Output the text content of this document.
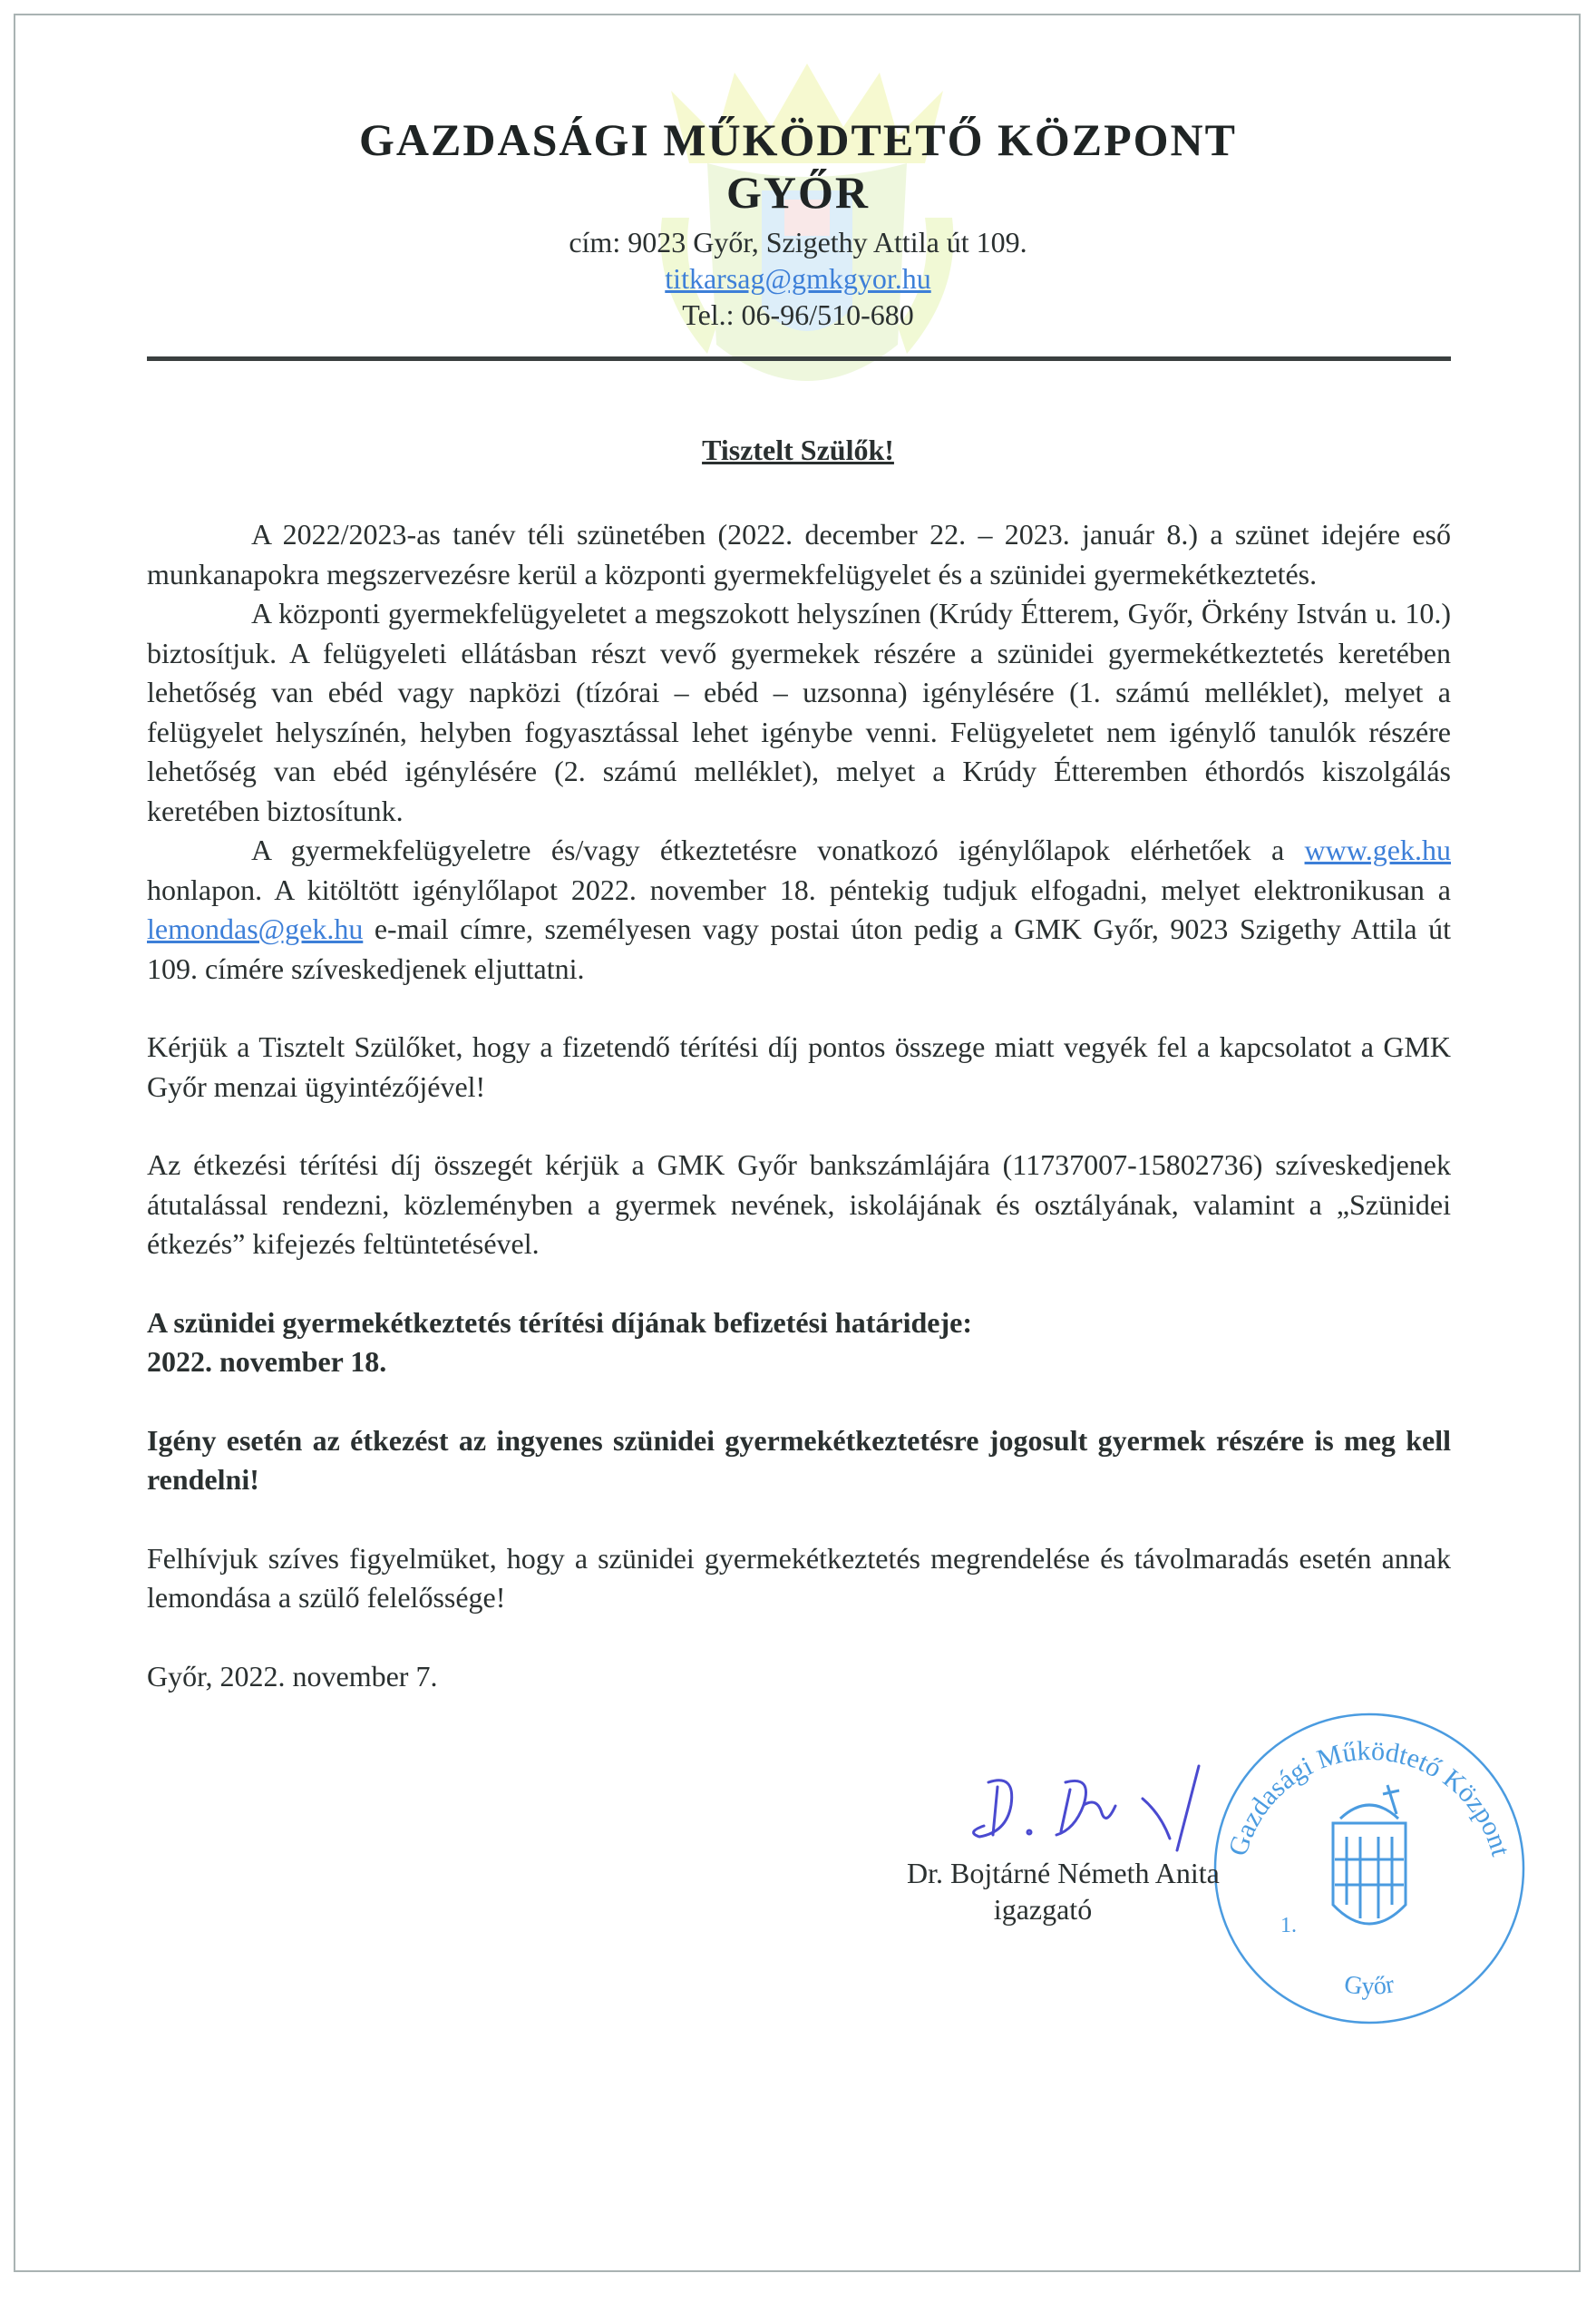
GAZDASÁGI MŰKÖDTETŐ KÖZPONT
GYŐR
cím: 9023 Győr, Szigethy Attila út 109.
titkarsag@gmkgyor.hu
Tel.: 06-96/510-680
Tisztelt Szülők!

A 2022/2023-as tanév téli szünetében (2022. december 22. – 2023. január 8.) a szünet idejére eső munkanapokra megszervezésre kerül a központi gyermekfelügyelet és a szünidei gyermekétkeztetés.

A központi gyermekfelügyeletet a megszokott helyszínen (Krúdy Étterem, Győr, Örkény István u. 10.) biztosítjuk. A felügyeleti ellátásban részt vevő gyermekek részére a szünidei gyermekétkeztetés keretében lehetőség van ebéd vagy napközi (tízórai – ebéd – uzsonna) igénylésére (1. számú melléklet), melyet a felügyelet helyszínén, helyben fogyasztással lehet igénybe venni. Felügyeletet nem igénylő tanulók részére lehetőség van ebéd igénylésére (2. számú melléklet), melyet a Krúdy Étteremben éthordós kiszolgálás keretében biztosítunk.

A gyermekfelügyeletre és/vagy étkeztetésre vonatkozó igénylőlapok elérhetőek a www.gek.hu honlapon. A kitöltött igénylőlapot 2022. november 18. péntekig tudjuk elfogadni, melyet elektronikusan a lemondas@gek.hu e-mail címre, személyesen vagy postai úton pedig a GMK Győr, 9023 Szigethy Attila út 109. címére szíveskedjenek eljuttatni.

Kérjük a Tisztelt Szülőket, hogy a fizetendő térítési díj pontos összege miatt vegyék fel a kapcsolatot a GMK Győr menzai ügyintézőjével!

Az étkezési térítési díj összegét kérjük a GMK Győr bankszámlájára (11737007-15802736) szíveskedjenek átutalással rendezni, közleményben a gyermek nevének, iskolájának és osztályának, valamint a „Szünidei étkezés” kifejezés feltüntetésével.

A szünidei gyermekétkeztetés térítési díjának befizetési határideje:

2022. november 18.

Igény esetén az étkezést az ingyenes szünidei gyermekétkeztetésre jogosult gyermek részére is meg kell rendelni!

Felhívjuk szíves figyelmüket, hogy a szünidei gyermekétkeztetés megrendelése és távolmaradás esetén annak lemondása a szülő felelőssége!

Győr, 2022. november 7.

Gazdasági Működtető Központ
Győr
1.
Dr. Bojtárné Németh Anita
igazgató
